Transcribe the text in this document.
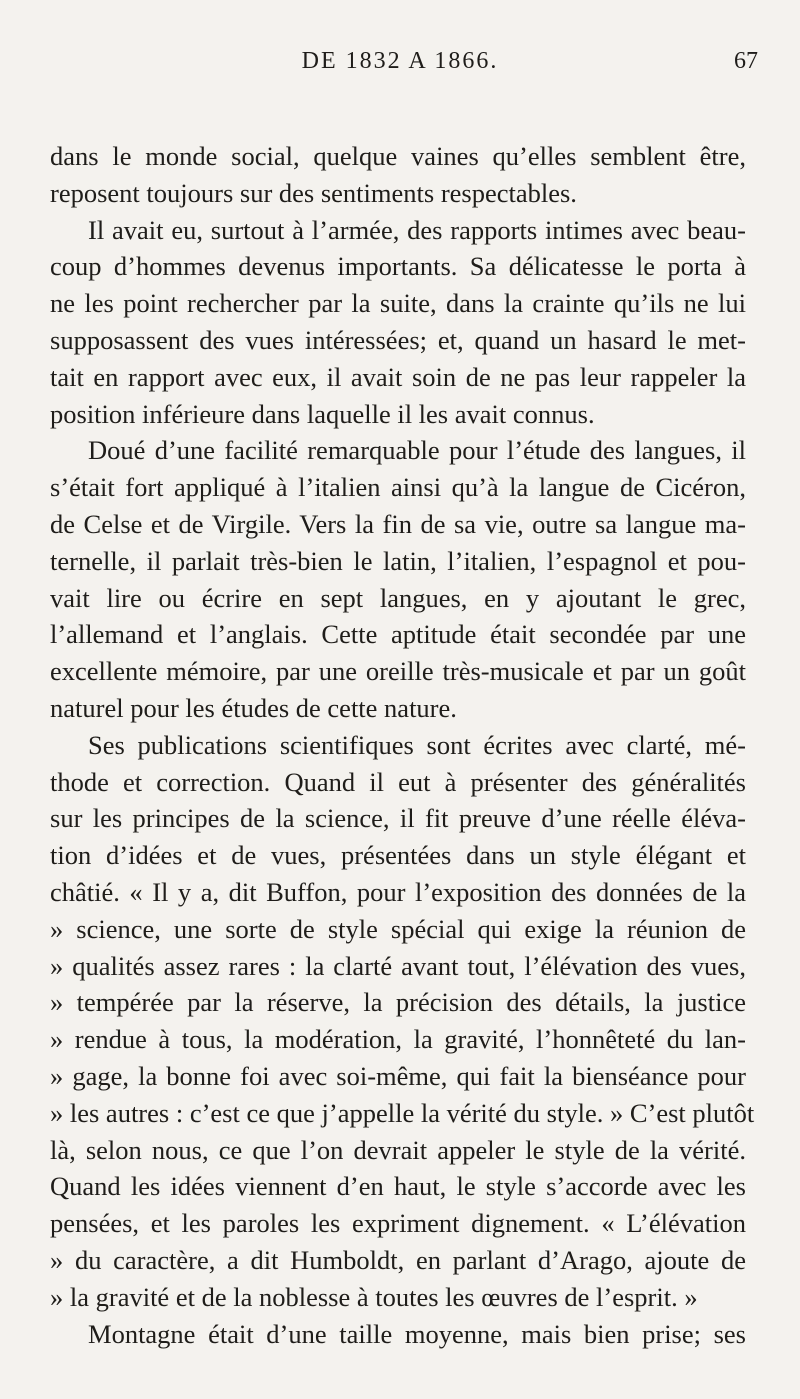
DE 1832 A 1866.	67
dans le monde social, quelque vaines qu’elles semblent être,
reposent toujours sur des sentiments respectables.
Il avait eu, surtout à l’armée, des rapports intimes avec beau-
coup d’hommes devenus importants. Sa délicatesse le porta à
ne les point rechercher par la suite, dans la crainte qu’ils ne lui
supposassent des vues intéressées; et, quand un hasard le met-
tait en rapport avec eux, il avait soin de ne pas leur rappeler la
position inférieure dans laquelle il les avait connus.
Doué d’une facilité remarquable pour l’étude des langues, il
s’était fort appliqué à l’italien ainsi qu’à la langue de Cicéron,
de Celse et de Virgile. Vers la fin de sa vie, outre sa langue ma-
ternelle, il parlait très-bien le latin, l’italien, l’espagnol et pou-
vait lire ou écrire en sept langues, en y ajoutant le grec,
l’allemand et l’anglais. Cette aptitude était secondée par une
excellente mémoire, par une oreille très-musicale et par un goût
naturel pour les études de cette nature.
Ses publications scientifiques sont écrites avec clarté, mé-
thode et correction. Quand il eut à présenter des généralités
sur les principes de la science, il fit preuve d’une réelle éléva-
tion d’idées et de vues, présentées dans un style élégant et
châtié. « Il y a, dit Buffon, pour l’exposition des données de la
» science, une sorte de style spécial qui exige la réunion de
» qualités assez rares : la clarté avant tout, l’élévation des vues,
» tempérée par la réserve, la précision des détails, la justice
» rendue à tous, la modération, la gravité, l’honnêteté du lan-
» gage, la bonne foi avec soi-même, qui fait la bienséance pour
» les autres : c’est ce que j’appelle la vérité du style. » C’est plutôt
là, selon nous, ce que l’on devrait appeler le style de la vérité.
Quand les idées viennent d’en haut, le style s’accorde avec les
pensées, et les paroles les expriment dignement. « L’élévation
» du caractère, a dit Humboldt, en parlant d’Arago, ajoute de
» la gravité et de la noblesse à toutes les œuvres de l’esprit. »
Montagne était d’une taille moyenne, mais bien prise; ses
